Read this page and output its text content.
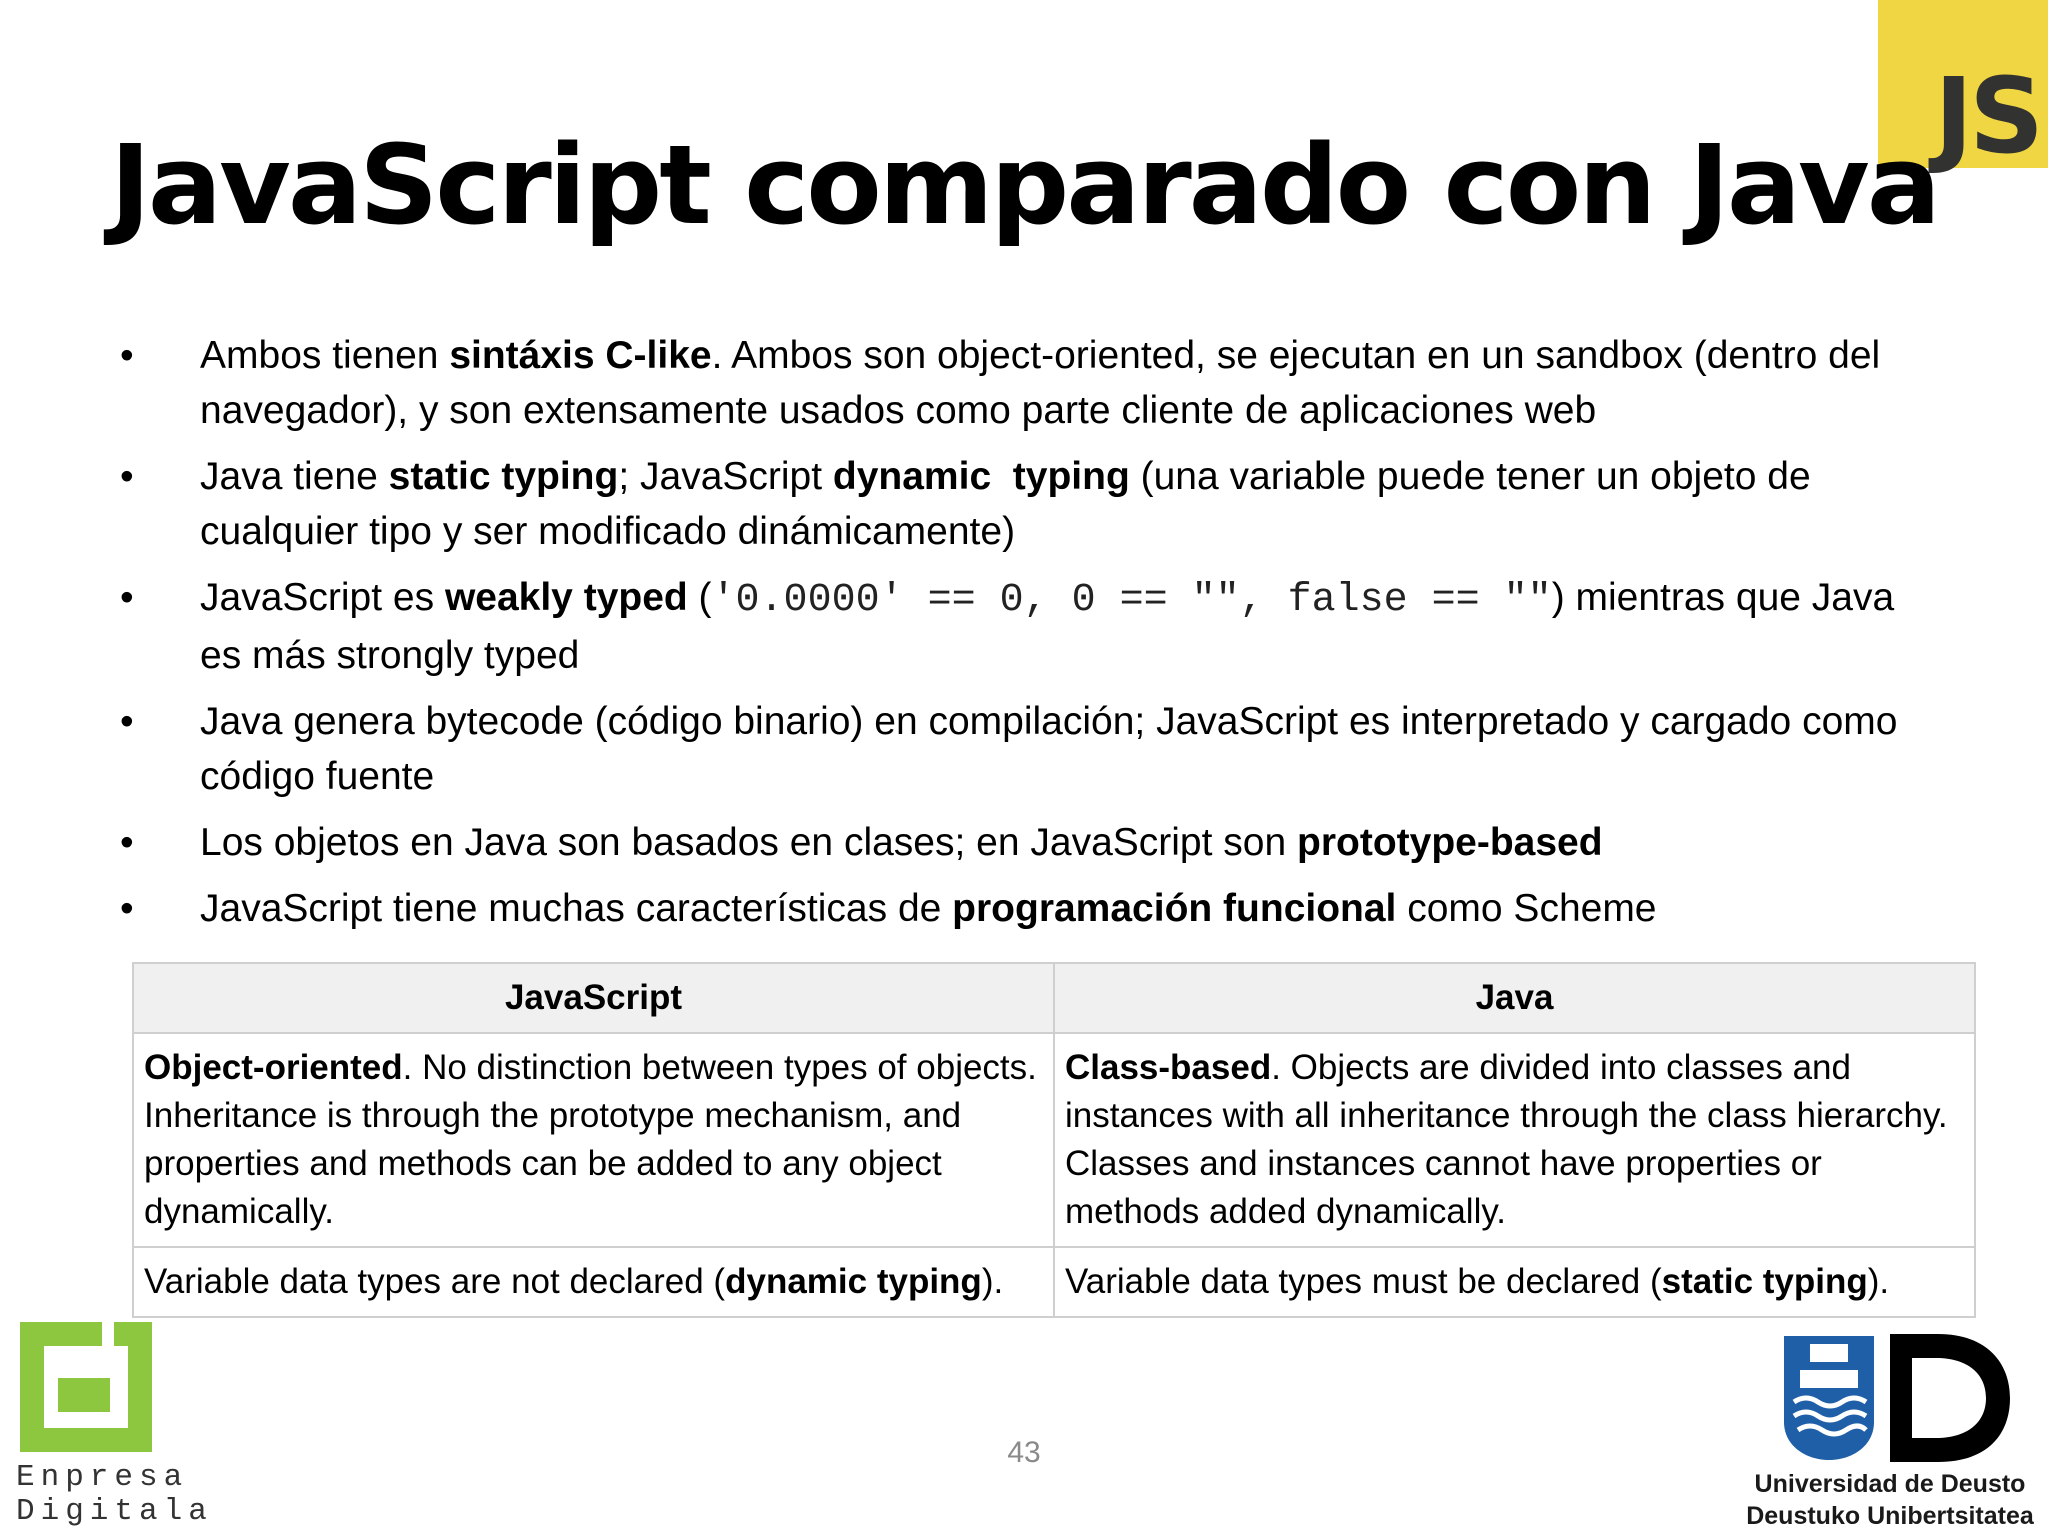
JS
JavaScript comparado con Java
• Ambos tienen sintáxis C-like. Ambos son object-oriented, se ejecutan en un sandbox (dentro del navegador), y son extensamente usados como parte cliente de aplicaciones web
• Java tiene static typing; JavaScript dynamic  typing (una variable puede tener un objeto de cualquier tipo y ser modificado dinámicamente)
• JavaScript es weakly typed ('0.0000' == 0, 0 == "", false == "") mientras que Java es más strongly typed
• Java genera bytecode (código binario) en compilación; JavaScript es interpretado y cargado como código fuente
• Los objetos en Java son basados en clases; en JavaScript son prototype-based
• JavaScript tiene muchas características de programación funcional como Scheme
JavaScript	Java
Object-oriented. No distinction between types of objects. Inheritance is through the prototype mechanism, and properties and methods can be added to any object dynamically.	Class-based. Objects are divided into classes and instances with all inheritance through the class hierarchy. Classes and instances cannot have properties or methods added dynamically.
Variable data types are not declared (dynamic typing).	Variable data types must be declared (static typing).
Enpresa
Digitala
43
Universidad de Deusto
Deustuko Unibertsitatea
